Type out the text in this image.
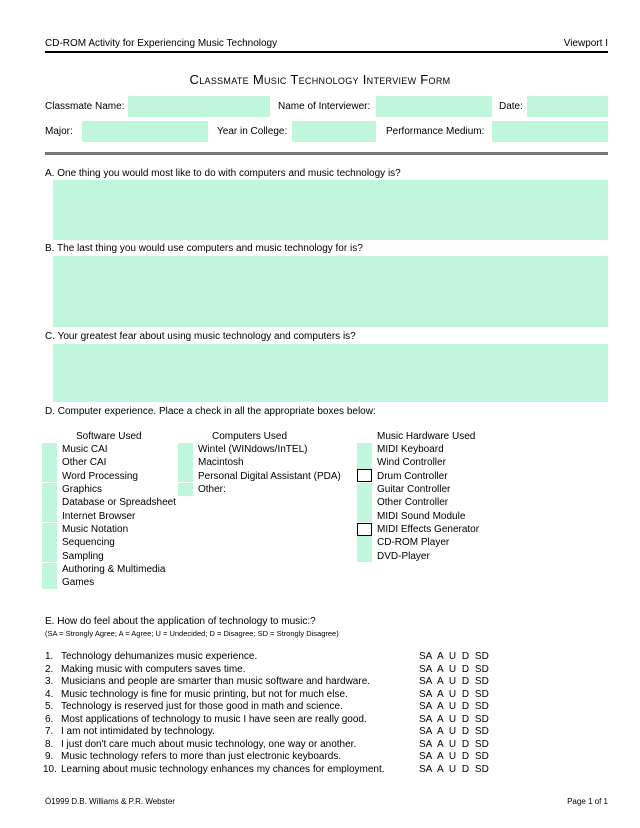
CD-ROM Activity for Experiencing Music Technology	Viewport I
Classmate Music Technology Interview Form
Classmate Name:	Name of Interviewer:	Date:
Major:	Year in College:	Performance Medium:
A. One thing you would most like to do with computers and music technology is?
B. The last thing you would use computers and music technology for is?
C. Your greatest fear about using music technology and computers is?
D. Computer experience. Place a check in all the appropriate boxes below:
Software Used
Music CAI
Other CAI
Word Processing
Graphics
Database or Spreadsheet
Internet Browser
Music Notation
Sequencing
Sampling
Authoring & Multimedia
Games
Computers Used
Wintel (WINdows/InTEL)
Macintosh
Personal Digital Assistant (PDA)
Other:
Music Hardware Used
MIDI Keyboard
Wind Controller
Drum Controller
Guitar Controller
Other Controller
MIDI Sound Module
MIDI Effects Generator
CD-ROM Player
DVD-Player
E. How do feel about the application of technology to music:?
(SA = Strongly Agree; A = Agree; U = Undecided; D = Disagree; SD = Strongly Disagree)
1. Technology dehumanizes music experience.	SA A U D SD
2. Making music with computers saves time.	SA A U D SD
3. Musicians and people are smarter than music software and hardware.	SA A U D SD
4. Music technology is fine for music printing, but not for much else.	SA A U D SD
5. Technology is reserved just for those good in math and science.	SA A U D SD
6. Most applications of technology to music I have seen are really good.	SA A U D SD
7. I am not intimidated by technology.	SA A U D SD
8. I just don't care much about music technology, one way or another.	SA A U D SD
9. Music technology refers to more than just electronic keyboards.	SA A U D SD
10. Learning about music technology enhances my chances for employment.	SA A U D SD
Ó1999 D.B. Williams & P.R. Webster	Page 1 of 1
